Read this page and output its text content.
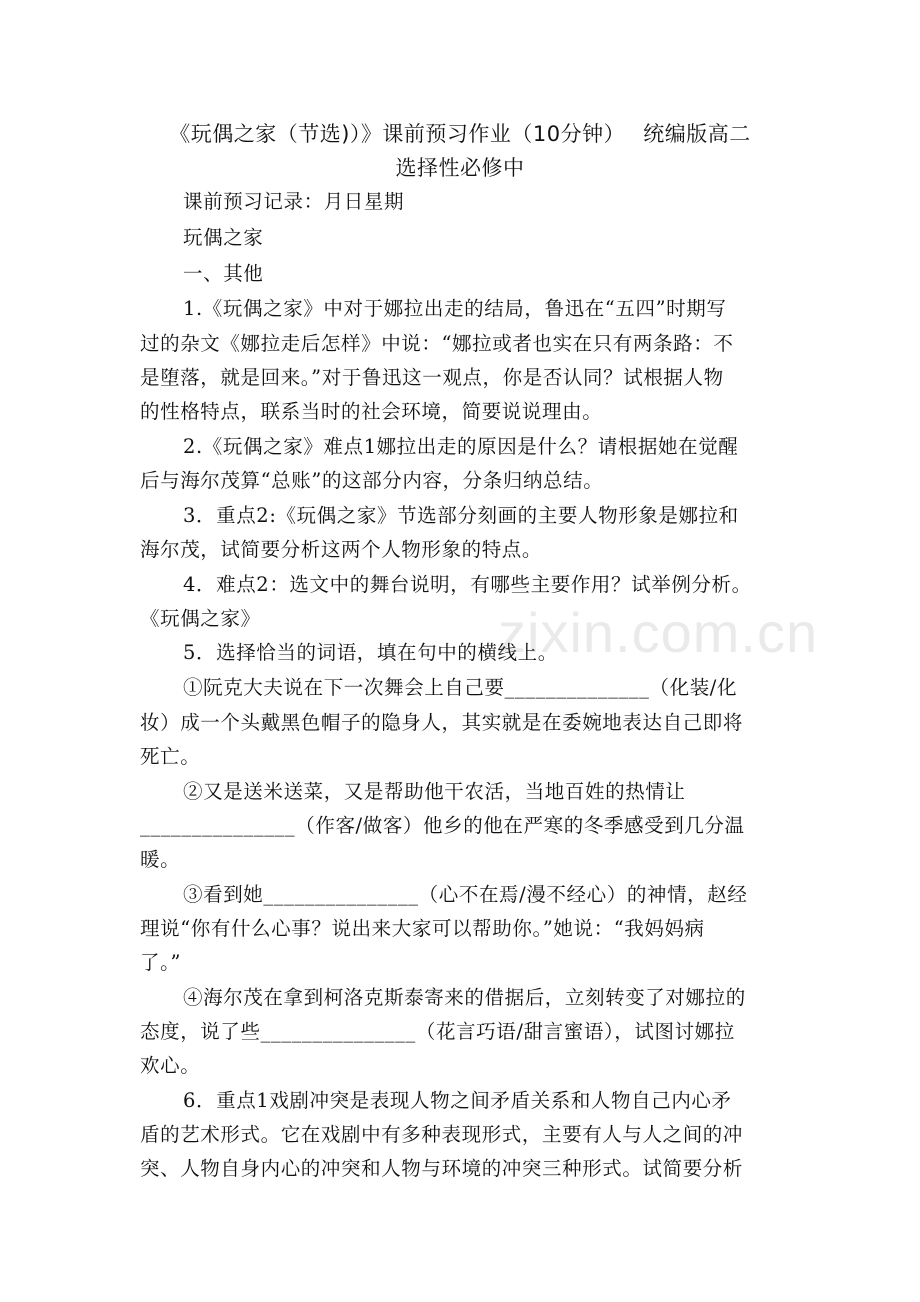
《玩偶之家（节选)）》课前预习作业（10分钟）　 统编版高二
选择性必修中
zixin.com.cn
课前预习记录：月日星期
玩偶之家
一、其他
1.《玩偶之家》中对于娜拉出走的结局，鲁迅在“五四”时期写
过的杂文《娜拉走后怎样》中说：“娜拉或者也实在只有两条路：不
是堕落，就是回来。”对于鲁迅这一观点，你是否认同？试根据人物
的性格特点，联系当时的社会环境，简要说说理由。
2.《玩偶之家》难点1娜拉出走的原因是什么？请根据她在觉醒
后与海尔茂算“总账”的这部分内容，分条归纳总结。
3．重点2:《玩偶之家》节选部分刻画的主要人物形象是娜拉和
海尔茂，试简要分析这两个人物形象的特点。
4．难点2：选文中的舞台说明，有哪些主要作用？试举例分析。
《玩偶之家》
5．选择恰当的词语，填在句中的横线上。
①阮克大夫说在下一次舞会上自己要______________（化装/化
妆）成一个头戴黑色帽子的隐身人，其实就是在委婉地表达自己即将
死亡。
②又是送米送菜，又是帮助他干农活，当地百姓的热情让
_______________（作客/做客）他乡的他在严寒的冬季感受到几分温
暖。
③看到她_______________（心不在焉/漫不经心）的神情，赵经
理说“你有什么心事？说出来大家可以帮助你。”她说：“我妈妈病
了。”
④海尔茂在拿到柯洛克斯泰寄来的借据后，立刻转变了对娜拉的
态度，说了些_______________（花言巧语/甜言蜜语），试图讨娜拉
欢心。
6．重点1戏剧冲突是表现人物之间矛盾关系和人物自己内心矛
盾的艺术形式。它在戏剧中有多种表现形式，主要有人与人之间的冲
突、人物自身内心的冲突和人物与环境的冲突三种形式。试简要分析
